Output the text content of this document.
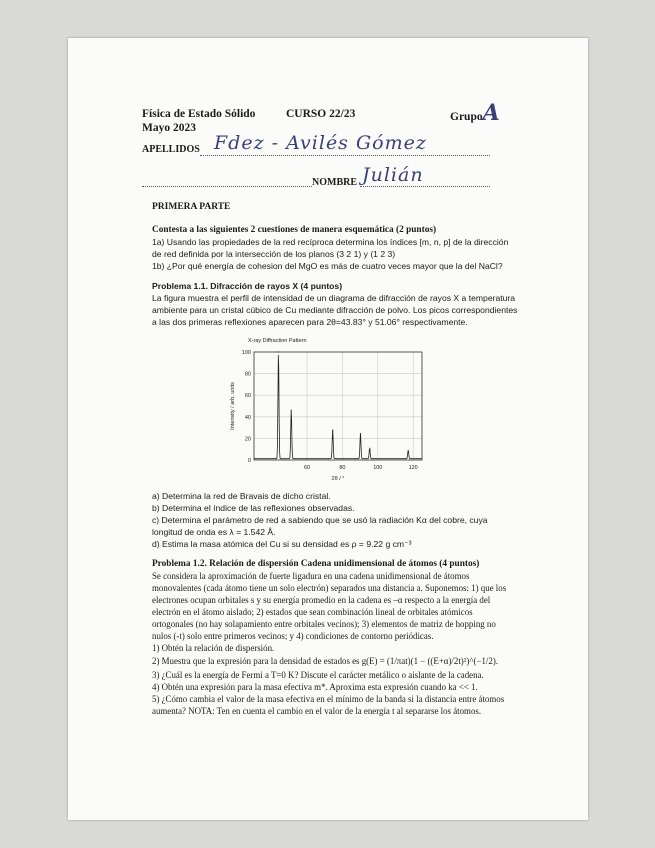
Física de Estado Sólido	CURSO 22/23	GrupoA
Mayo 2023
APELLIDOS Fdez - Avilés Gómez
NOMBRE Julián
PRIMERA PARTE
Contesta a las siguientes 2 cuestiones de manera esquemática (2 puntos)
1a) Usando las propiedades de la red recíproca determina los índices [m, n, p] de la dirección
de red definida por la intersección de los planos (3 2 1) y (1 2 3)
1b) ¿Por qué energía de cohesion del MgO es más de cuatro veces mayor que la del NaCl?
Problema 1.1. Difracción de rayos X (4 puntos)
La figura muestra el perfil de intensidad de un diagrama de difracción de rayos X a temperatura
ambiente para un cristal cúbico de Cu mediante difracción de polvo. Los picos correspondientes
a las dos primeras reflexiones aparecen para 2θ=43.83° y 51.06° respectivamente.
X-ray Diffraction Pattern
60	80	100	120
0
20
40
60
80
100
2θ / °
Intensity / arb. units
a) Determina la red de Bravais de dicho cristal.
b) Determina el índice de las reflexiones observadas.
c) Determina el parámetro de red a sabiendo que se usó la radiación Kα del cobre, cuya
longitud de onda es λ = 1.542 Å.
d) Estima la masa atómica del Cu si su densidad es ρ = 9.22 g cm⁻³
Problema 1.2. Relación de dispersión Cadena unidimensional de átomos (4 puntos)
Se considera la aproximación de fuerte ligadura en una cadena unidimensional de átomos
monovalentes (cada átomo tiene un solo electrón) separados una distancia a. Suponemos: 1) que los
electrones ocupan orbitales s y su energía promedio en la cadena es –α respecto a la energía del
electrón en el átomo aislado; 2) estados que sean combinación lineal de orbitales atómicos
ortogonales (no hay solapamiento entre orbitales vecinos); 3) elementos de matriz de hopping no
nulos (-t) solo entre primeros vecinos; y 4) condiciones de contorno periódicas.
1) Obtén la relación de dispersión.
2) Muestra que la expresión para la densidad de estados es g(E) = (1/πat)(1 − ((E+α)/2t)²)^(−1/2).
3) ¿Cuál es la energía de Fermi a T=0 K? Discute el carácter metálico o aislante de la cadena.
4) Obtén una expresión para la masa efectiva m*. Aproxima esta expresión cuando ka << 1.
5) ¿Cómo cambia el valor de la masa efectiva en el mínimo de la banda si la distancia entre átomos
aumenta? NOTA: Ten en cuenta el cambio en el valor de la energía t al separarse los átomos.
